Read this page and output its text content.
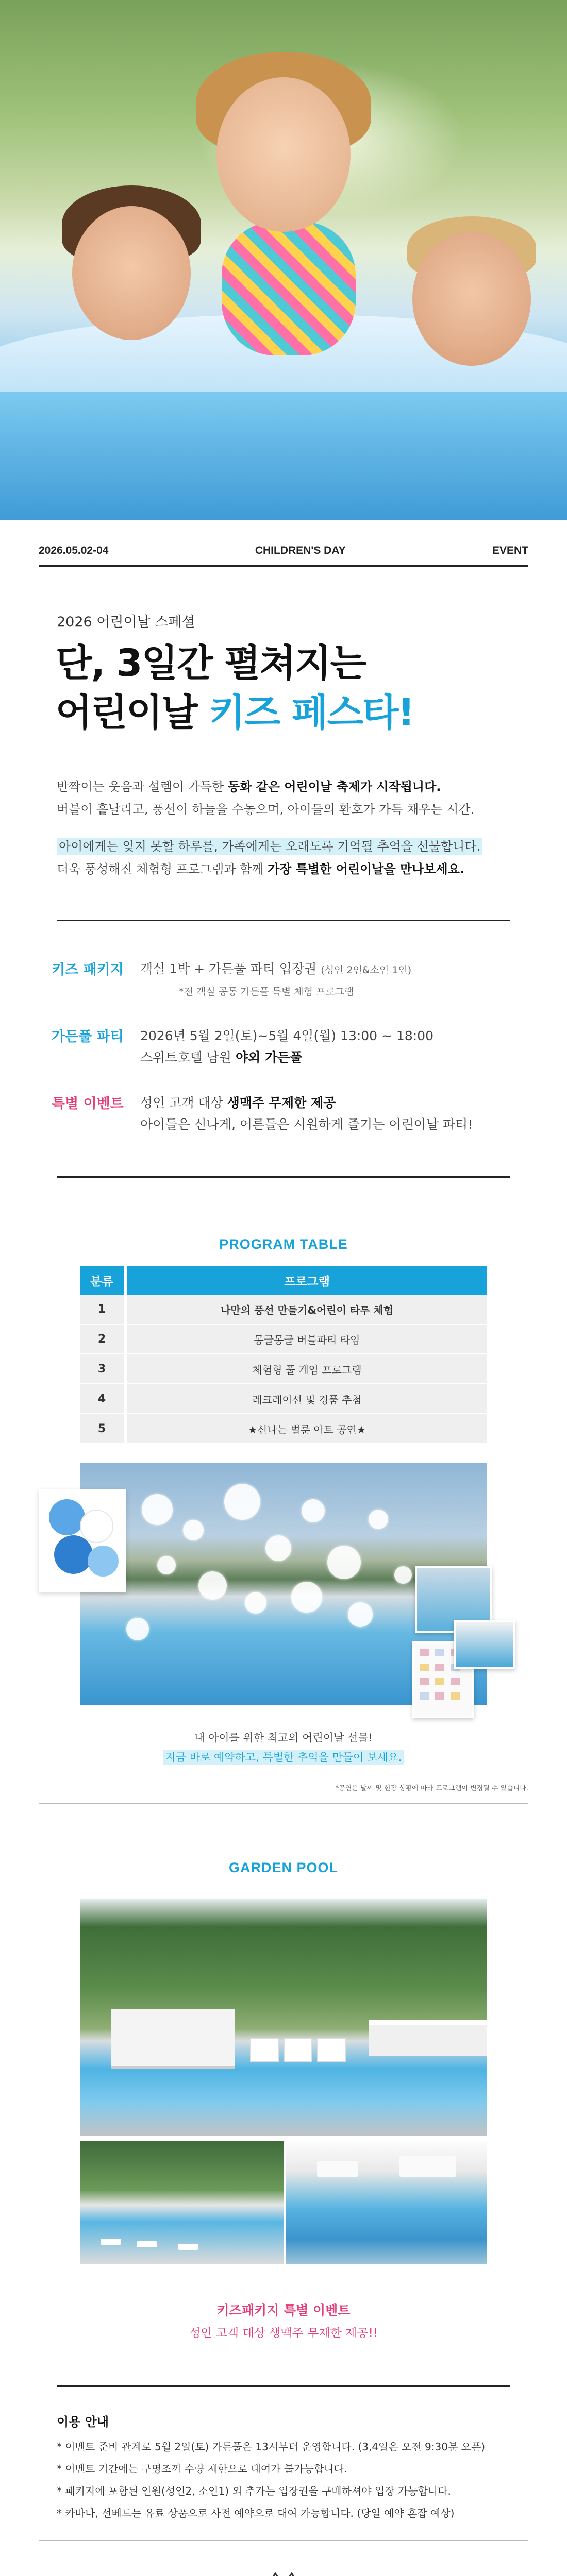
2026.05.02-04	CHILDREN'S DAY	EVENT
2026 어린이날 스페셜
단, 3일간 펼쳐지는
어린이날 키즈 페스타!
반짝이는 웃음과 설렘이 가득한 동화 같은 어린이날 축제가 시작됩니다.
버블이 흩날리고, 풍선이 하늘을 수놓으며, 아이들의 환호가 가득 채우는 시간.
아이에게는 잊지 못할 하루를, 가족에게는 오래도록 기억될 추억을 선물합니다.
더욱 풍성해진 체험형 프로그램과 함께 가장 특별한 어린이날을 만나보세요.
키즈 패키지	객실 1박 + 가든풀 파티 입장권 (성인 2인&소인 1인)
*전 객실 공통 가든풀 특별 체험 프로그램
가든풀 파티	2026년 5월 2일(토)~5월 4일(월) 13:00 ~ 18:00
스위트호텔 남원 야외 가든풀
특별 이벤트	성인 고객 대상 생맥주 무제한 제공
아이들은 신나게, 어른들은 시원하게 즐기는 어린이날 파티!
PROGRAM TABLE
분류	프로그램
1	나만의 풍선 만들기&어린이 타투 체험
2	몽글몽글 버블파티 타임
3	체험형 풀 게임 프로그램
4	레크레이션 및 경품 추첨
5	★신나는 벌룬 아트 공연★
내 아이를 위한 최고의 어린이날 선물!
지금 바로 예약하고, 특별한 추억을 만들어 보세요.
*공연은 날씨 및 현장 상황에 따라 프로그램이 변경될 수 있습니다.
GARDEN POOL
키즈패키지 특별 이벤트
성인 고객 대상 생맥주 무제한 제공!!
이용 안내
* 이벤트 준비 관계로 5월 2일(토) 가든풀은 13시부터 운영합니다. (3,4일은 오전 9:30분 오픈)
* 이벤트 기간에는 구명조끼 수량 제한으로 대여가 불가능합니다.
* 패키지에 포함된 인원(성인2, 소인1) 외 추가는 입장권을 구매하셔야 입장 가능합니다.
* 카바나, 선베드는 유료 상품으로 사전 예약으로 대여 가능합니다. (당일 예약 혼잡 예상)
